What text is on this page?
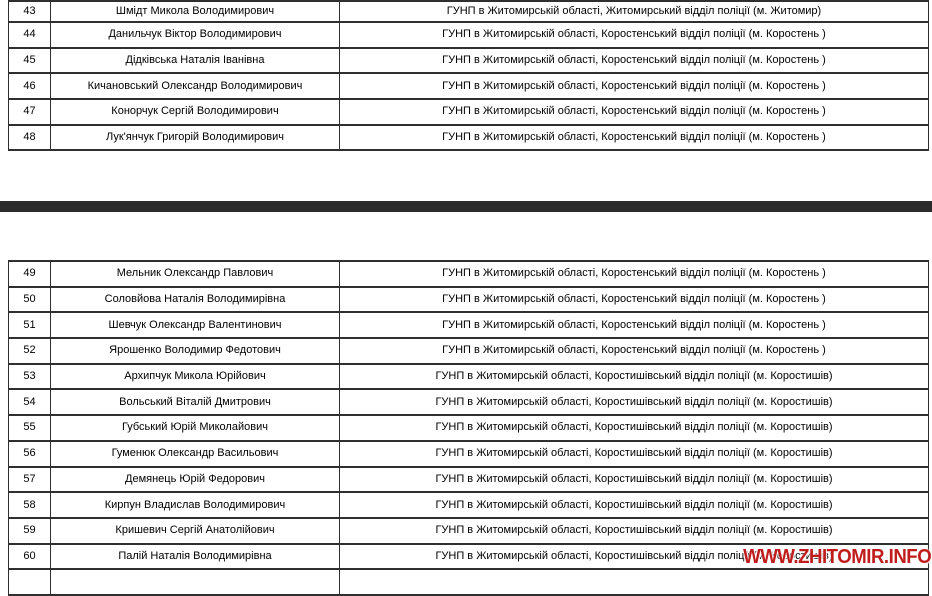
43	Шмідт Микола Володимирович	ГУНП в Житомирській області, Житомирський відділ поліції (м. Житомир)
44	Данильчук Віктор Володимирович	ГУНП в Житомирській області, Коростенський відділ поліції (м. Коростень )
45	Дідківська Наталія Іванівна	ГУНП в Житомирській області, Коростенський відділ поліції (м. Коростень )
46	Кичановський Олександр Володимирович	ГУНП в Житомирській області, Коростенський відділ поліції (м. Коростень )
47	Конорчук Сергій Володимирович	ГУНП в Житомирській області, Коростенський відділ поліції (м. Коростень )
48	Лук'янчук Григорій Володимирович	ГУНП в Житомирській області, Коростенський відділ поліції (м. Коростень )
49	Мельник Олександр Павлович	ГУНП в Житомирській області, Коростенський відділ поліції (м. Коростень )
50	Соловйова Наталія Володимирівна	ГУНП в Житомирській області, Коростенський відділ поліції (м. Коростень )
51	Шевчук Олександр Валентинович	ГУНП в Житомирській області, Коростенський відділ поліції (м. Коростень )
52	Ярошенко Володимир Федотович	ГУНП в Житомирській області, Коростенський відділ поліції (м. Коростень )
53	Архипчук Микола Юрійович	ГУНП в Житомирській області, Коростишівський відділ поліції (м. Коростишів)
54	Вольський Віталій Дмитрович	ГУНП в Житомирській області, Коростишівський відділ поліції (м. Коростишів)
55	Губський Юрій Миколайович	ГУНП в Житомирській області, Коростишівський відділ поліції (м. Коростишів)
56	Гуменюк Олександр Васильович	ГУНП в Житомирській області, Коростишівський відділ поліції (м. Коростишів)
57	Демянець Юрій Федорович	ГУНП в Житомирській області, Коростишівський відділ поліції (м. Коростишів)
58	Кирпун Владислав Володимирович	ГУНП в Житомирській області, Коростишівський відділ поліції (м. Коростишів)
59	Кришевич Сергій Анатолійович	ГУНП в Житомирській області, Коростишівський відділ поліції (м. Коростишів)
60	Палій Наталія Володимирівна	ГУНП в Житомирській області, Коростишівський відділ поліції (м. Коростишів)
WWW.ZHITOMIR.INFO
